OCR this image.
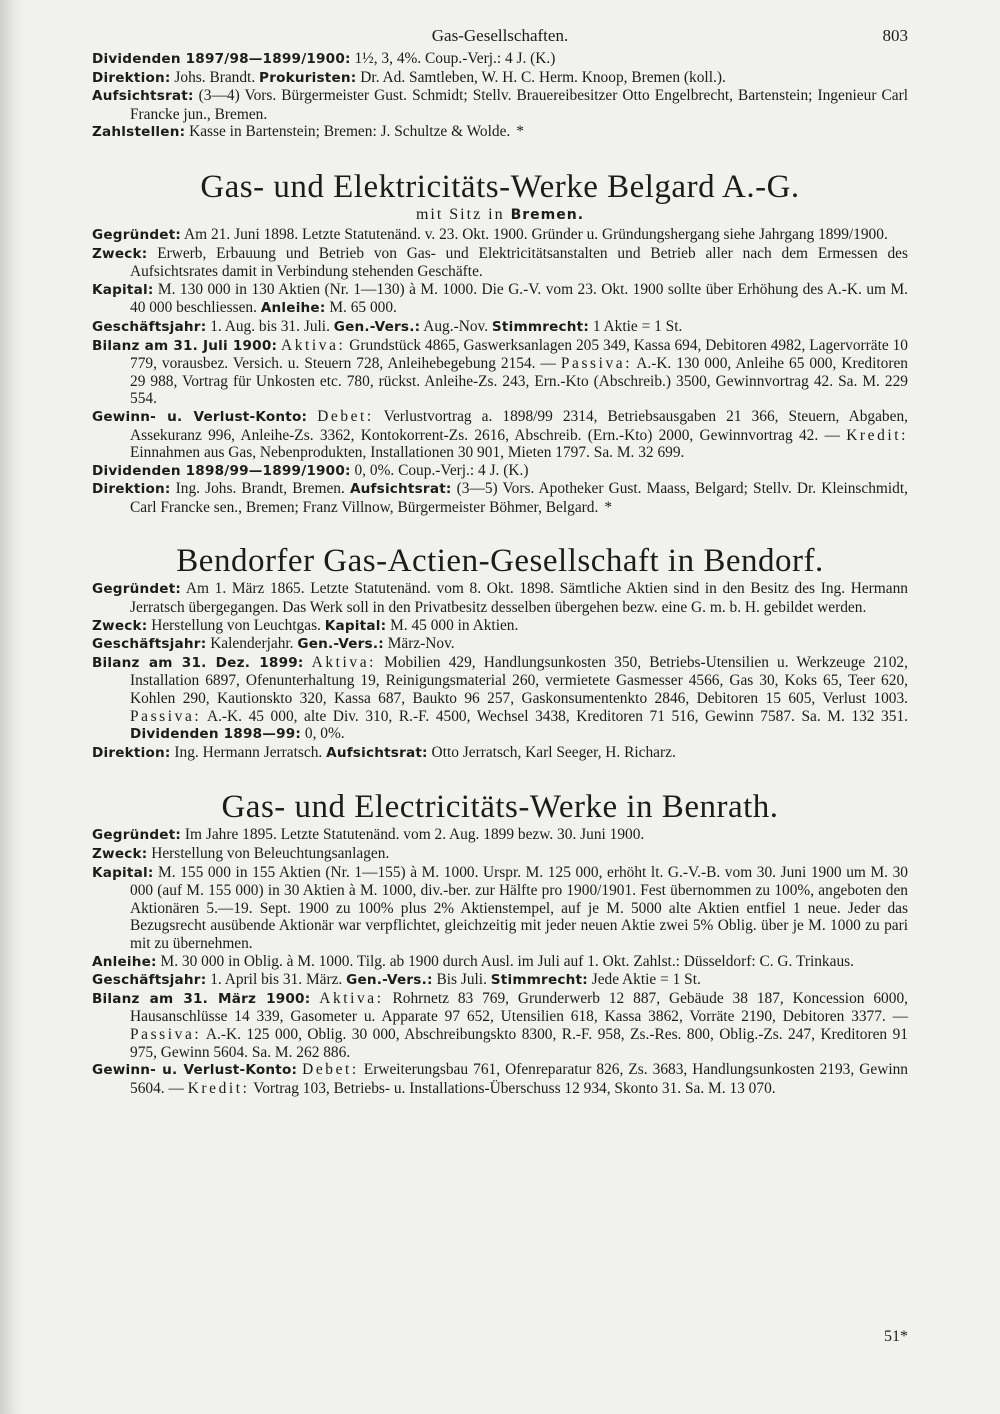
Gas-Gesellschaften.	803

Dividenden 1897/98—1899/1900: 1½, 3, 4%. Coup.-Verj.: 4 J. (K.)

Direktion: Johs. Brandt. Prokuristen: Dr. Ad. Samtleben, W. H. C. Herm. Knoop, Bremen (koll.).

Aufsichtsrat: (3—4) Vors. Bürgermeister Gust. Schmidt; Stellv. Brauereibesitzer Otto Engelbrecht, Bartenstein; Ingenieur Carl Francke jun., Bremen.

Zahlstellen: Kasse in Bartenstein; Bremen: J. Schultze & Wolde. *

Gas- und Elektricitäts-Werke Belgard A.-G.
mit Sitz in Bremen.

Gegründet: Am 21. Juni 1898. Letzte Statutenänd. v. 23. Okt. 1900. Gründer u. Gründungshergang siehe Jahrgang 1899/1900.

Zweck: Erwerb, Erbauung und Betrieb von Gas- und Elektricitätsanstalten und Betrieb aller nach dem Ermessen des Aufsichtsrates damit in Verbindung stehenden Geschäfte.

Kapital: M. 130 000 in 130 Aktien (Nr. 1—130) à M. 1000. Die G.-V. vom 23. Okt. 1900 sollte über Erhöhung des A.-K. um M. 40 000 beschliessen. Anleihe: M. 65 000.

Geschäftsjahr: 1. Aug. bis 31. Juli. Gen.-Vers.: Aug.-Nov. Stimmrecht: 1 Aktie = 1 St.

Bilanz am 31. Juli 1900: Aktiva: Grundstück 4865, Gaswerksanlagen 205 349, Kassa 694, Debitoren 4982, Lagervorräte 10 779, vorausbez. Versich. u. Steuern 728, Anleihebegebung 2154. — Passiva: A.-K. 130 000, Anleihe 65 000, Kreditoren 29 988, Vortrag für Unkosten etc. 780, rückst. Anleihe-Zs. 243, Ern.-Kto (Abschreib.) 3500, Gewinnvortrag 42. Sa. M. 229 554.

Gewinn- u. Verlust-Konto: Debet: Verlustvortrag a. 1898/99 2314, Betriebsausgaben 21 366, Steuern, Abgaben, Assekuranz 996, Anleihe-Zs. 3362, Kontokorrent-Zs. 2616, Abschreib. (Ern.-Kto) 2000, Gewinnvortrag 42. — Kredit: Einnahmen aus Gas, Nebenprodukten, Installationen 30 901, Mieten 1797. Sa. M. 32 699.

Dividenden 1898/99—1899/1900: 0, 0%. Coup.-Verj.: 4 J. (K.)

Direktion: Ing. Johs. Brandt, Bremen. Aufsichtsrat: (3—5) Vors. Apotheker Gust. Maass, Belgard; Stellv. Dr. Kleinschmidt, Carl Francke sen., Bremen; Franz Villnow, Bürgermeister Böhmer, Belgard. *

Bendorfer Gas-Actien-Gesellschaft in Bendorf.

Gegründet: Am 1. März 1865. Letzte Statutenänd. vom 8. Okt. 1898. Sämtliche Aktien sind in den Besitz des Ing. Hermann Jerratsch übergegangen. Das Werk soll in den Privatbesitz desselben übergehen bezw. eine G. m. b. H. gebildet werden.

Zweck: Herstellung von Leuchtgas. Kapital: M. 45 000 in Aktien.

Geschäftsjahr: Kalenderjahr. Gen.-Vers.: März-Nov.

Bilanz am 31. Dez. 1899: Aktiva: Mobilien 429, Handlungsunkosten 350, Betriebs-Utensilien u. Werkzeuge 2102, Installation 6897, Ofenunterhaltung 19, Reinigungsmaterial 260, vermietete Gasmesser 4566, Gas 30, Koks 65, Teer 620, Kohlen 290, Kautionskto 320, Kassa 687, Baukto 96 257, Gaskonsumentenkto 2846, Debitoren 15 605, Verlust 1003. Passiva: A.-K. 45 000, alte Div. 310, R.-F. 4500, Wechsel 3438, Kreditoren 71 516, Gewinn 7587. Sa. M. 132 351. Dividenden 1898—99: 0, 0%.

Direktion: Ing. Hermann Jerratsch. Aufsichtsrat: Otto Jerratsch, Karl Seeger, H. Richarz.

Gas- und Electricitäts-Werke in Benrath.

Gegründet: Im Jahre 1895. Letzte Statutenänd. vom 2. Aug. 1899 bezw. 30. Juni 1900.

Zweck: Herstellung von Beleuchtungsanlagen.

Kapital: M. 155 000 in 155 Aktien (Nr. 1—155) à M. 1000. Urspr. M. 125 000, erhöht lt. G.-V.-B. vom 30. Juni 1900 um M. 30 000 (auf M. 155 000) in 30 Aktien à M. 1000, div.-ber. zur Hälfte pro 1900/1901. Fest übernommen zu 100%, angeboten den Aktionären 5.—19. Sept. 1900 zu 100% plus 2% Aktienstempel, auf je M. 5000 alte Aktien entfiel 1 neue. Jeder das Bezugsrecht ausübende Aktionär war verpflichtet, gleichzeitig mit jeder neuen Aktie zwei 5% Oblig. über je M. 1000 zu pari mit zu übernehmen.

Anleihe: M. 30 000 in Oblig. à M. 1000. Tilg. ab 1900 durch Ausl. im Juli auf 1. Okt. Zahlst.: Düsseldorf: C. G. Trinkaus.

Geschäftsjahr: 1. April bis 31. März. Gen.-Vers.: Bis Juli. Stimmrecht: Jede Aktie = 1 St.

Bilanz am 31. März 1900: Aktiva: Rohrnetz 83 769, Grunderwerb 12 887, Gebäude 38 187, Koncession 6000, Hausanschlüsse 14 339, Gasometer u. Apparate 97 652, Utensilien 618, Kassa 3862, Vorräte 2190, Debitoren 3377. — Passiva: A.-K. 125 000, Oblig. 30 000, Abschreibungskto 8300, R.-F. 958, Zs.-Res. 800, Oblig.-Zs. 247, Kreditoren 91 975, Gewinn 5604. Sa. M. 262 886.

Gewinn- u. Verlust-Konto: Debet: Erweiterungsbau 761, Ofenreparatur 826, Zs. 3683, Handlungsunkosten 2193, Gewinn 5604. — Kredit: Vortrag 103, Betriebs- u. Installations-Überschuss 12 934, Skonto 31. Sa. M. 13 070.

51*
